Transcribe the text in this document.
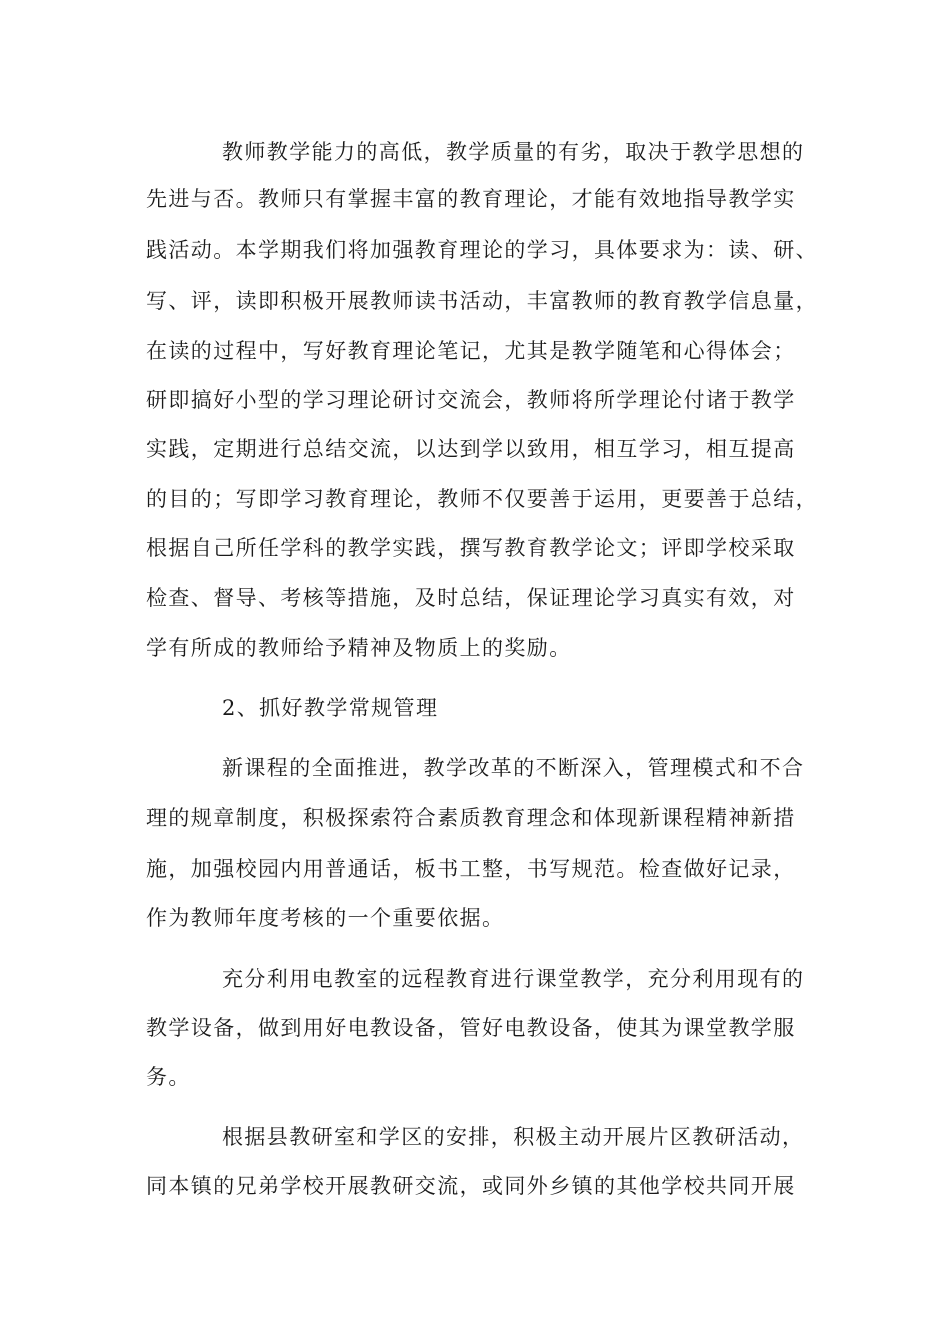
教师教学能力的高低，教学质量的有劣，取决于教学思想的

先进与否。教师只有掌握丰富的教育理论，才能有效地指导教学实

践活动。本学期我们将加强教育理论的学习，具体要求为：读、研、

写、评，读即积极开展教师读书活动，丰富教师的教育教学信息量，

在读的过程中，写好教育理论笔记，尤其是教学随笔和心得体会；

研即搞好小型的学习理论研讨交流会，教师将所学理论付诸于教学

实践，定期进行总结交流，以达到学以致用，相互学习，相互提高

的目的；写即学习教育理论，教师不仅要善于运用，更要善于总结，

根据自己所任学科的教学实践，撰写教育教学论文；评即学校采取

检查、督导、考核等措施，及时总结，保证理论学习真实有效，对

学有所成的教师给予精神及物质上的奖励。

2、抓好教学常规管理

新课程的全面推进，教学改革的不断深入，管理模式和不合

理的规章制度，积极探索符合素质教育理念和体现新课程精神新措

施，加强校园内用普通话，板书工整，书写规范。检查做好记录，

作为教师年度考核的一个重要依据。

充分利用电教室的远程教育进行课堂教学，充分利用现有的

教学设备，做到用好电教设备，管好电教设备，使其为课堂教学服

务。

根据县教研室和学区的安排，积极主动开展片区教研活动，

同本镇的兄弟学校开展教研交流，或同外乡镇的其他学校共同开展
